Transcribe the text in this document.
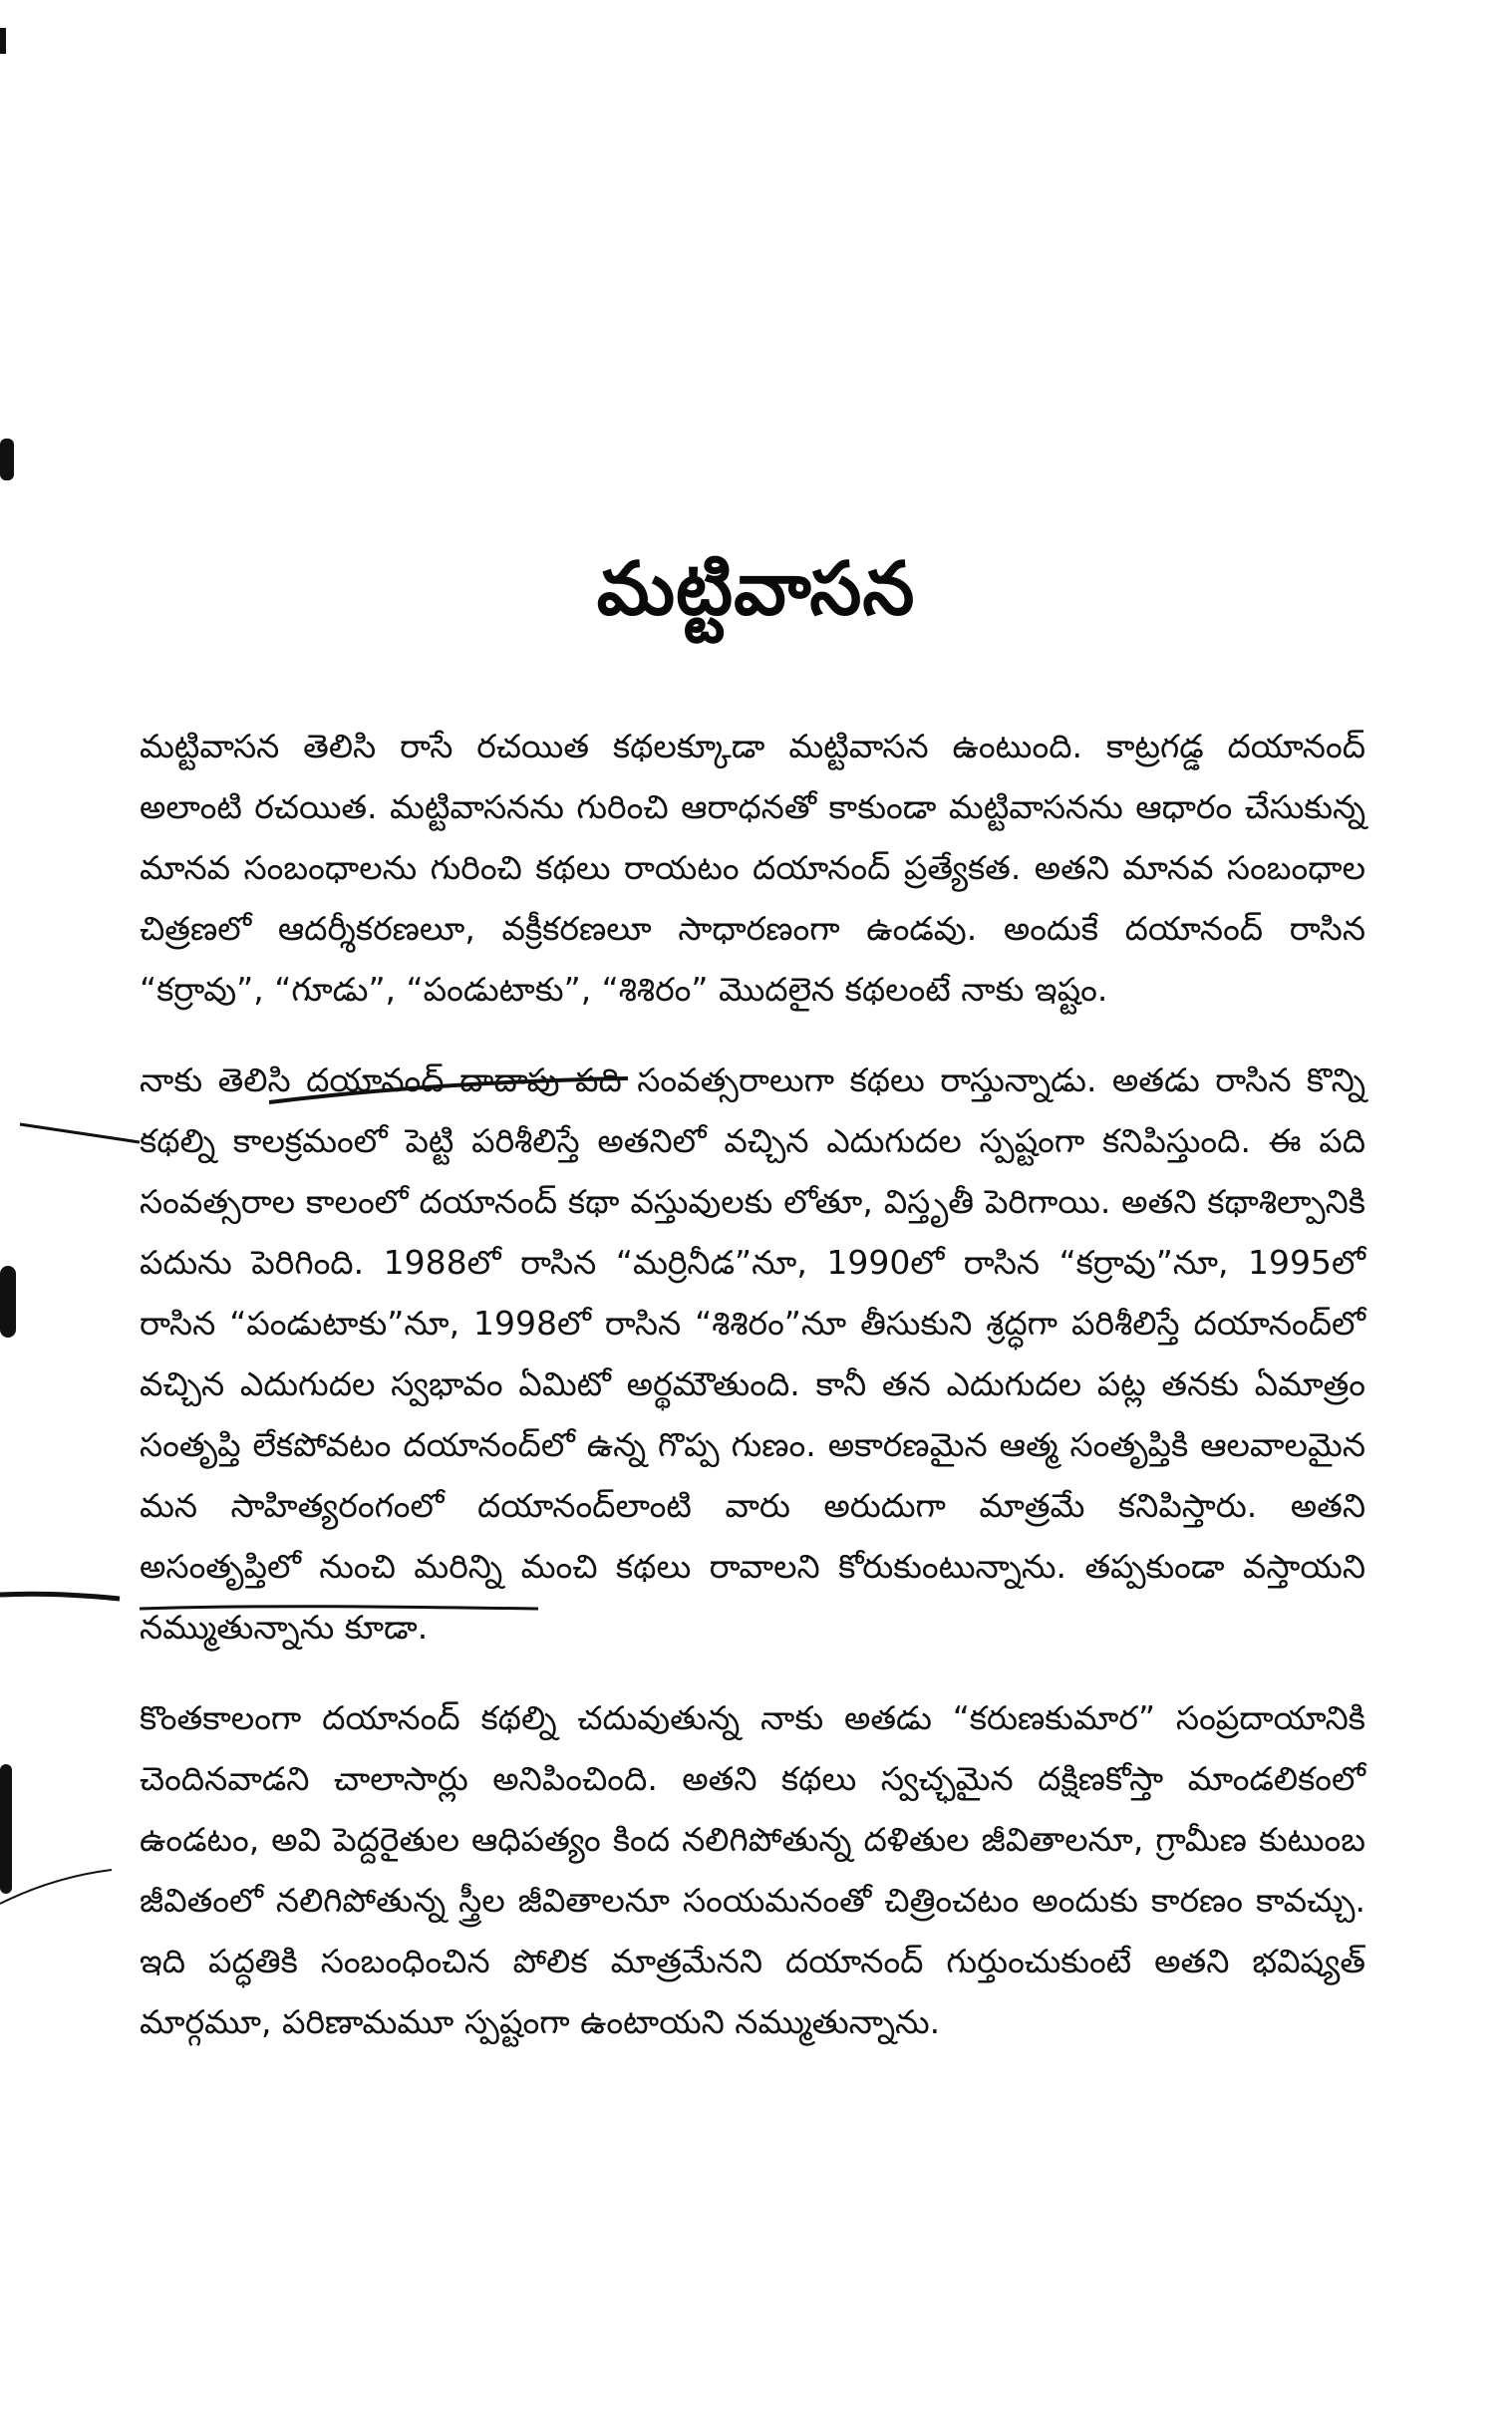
మట్టివాసన

మట్టివాసన తెలిసి రాసే రచయిత కథలక్కూడా మట్టివాసన ఉంటుంది. కాట్రగడ్డ దయానంద్ అలాంటి రచయిత. మట్టివాసనను గురించి ఆరాధనతో కాకుండా మట్టివాసనను ఆధారం చేసుకున్న మానవ సంబంధాలను గురించి కథలు రాయటం దయానంద్ ప్రత్యేకత. అతని మానవ సంబంధాల చిత్రణలో ఆదర్శీకరణలూ, వక్రీకరణలూ సాధారణంగా ఉండవు. అందుకే దయానంద్ రాసిన “కర్రావు”, “గూడు”, “పండుటాకు”, “శిశిరం” మొదలైన కథలంటే నాకు ఇష్టం.

నాకు తెలిసి దయానంద్ దాదాపు పది సంవత్సరాలుగా కథలు రాస్తున్నాడు. అతడు రాసిన కొన్ని కథల్ని కాలక్రమంలో పెట్టి పరిశీలిస్తే అతనిలో వచ్చిన ఎదుగుదల స్పష్టంగా కనిపిస్తుంది. ఈ పది సంవత్సరాల కాలంలో దయానంద్ కథా వస్తువులకు లోతూ, విస్తృతీ పెరిగాయి. అతని కథాశిల్పానికి పదును పెరిగింది. 1988లో రాసిన “మర్రినీడ”నూ, 1990లో రాసిన “కర్రావు”నూ, 1995లో రాసిన “పండుటాకు”నూ, 1998లో రాసిన “శిశిరం”నూ తీసుకుని శ్రద్ధగా పరిశీలిస్తే దయానంద్‌లో వచ్చిన ఎదుగుదల స్వభావం ఏమిటో అర్థమౌతుంది. కానీ తన ఎదుగుదల పట్ల తనకు ఏమాత్రం సంతృప్తి లేకపోవటం దయానంద్‌లో ఉన్న గొప్ప గుణం. అకారణమైన ఆత్మ సంతృప్తికి ఆలవాలమైన మన సాహిత్యరంగంలో దయానంద్‌లాంటి వారు అరుదుగా మాత్రమే కనిపిస్తారు. అతని అసంతృప్తిలో నుంచి మరిన్ని మంచి కథలు రావాలని కోరుకుంటున్నాను. తప్పకుండా వస్తాయని నమ్ముతున్నాను కూడా.

కొంతకాలంగా దయానంద్ కథల్ని చదువుతున్న నాకు అతడు “కరుణకుమార” సంప్రదాయానికి చెందినవాడని చాలాసార్లు అనిపించింది. అతని కథలు స్వచ్ఛమైన దక్షిణకోస్తా మాండలికంలో ఉండటం, అవి పెద్దరైతుల ఆధిపత్యం కింద నలిగిపోతున్న దళితుల జీవితాలనూ, గ్రామీణ కుటుంబ జీవితంలో నలిగిపోతున్న స్త్రీల జీవితాలనూ సంయమనంతో చిత్రించటం అందుకు కారణం కావచ్చు. ఇది పద్ధతికి సంబంధించిన పోలిక మాత్రమేనని దయానంద్ గుర్తుంచుకుంటే అతని భవిష్యత్ మార్గమూ, పరిణామమూ స్పష్టంగా ఉంటాయని నమ్ముతున్నాను.
